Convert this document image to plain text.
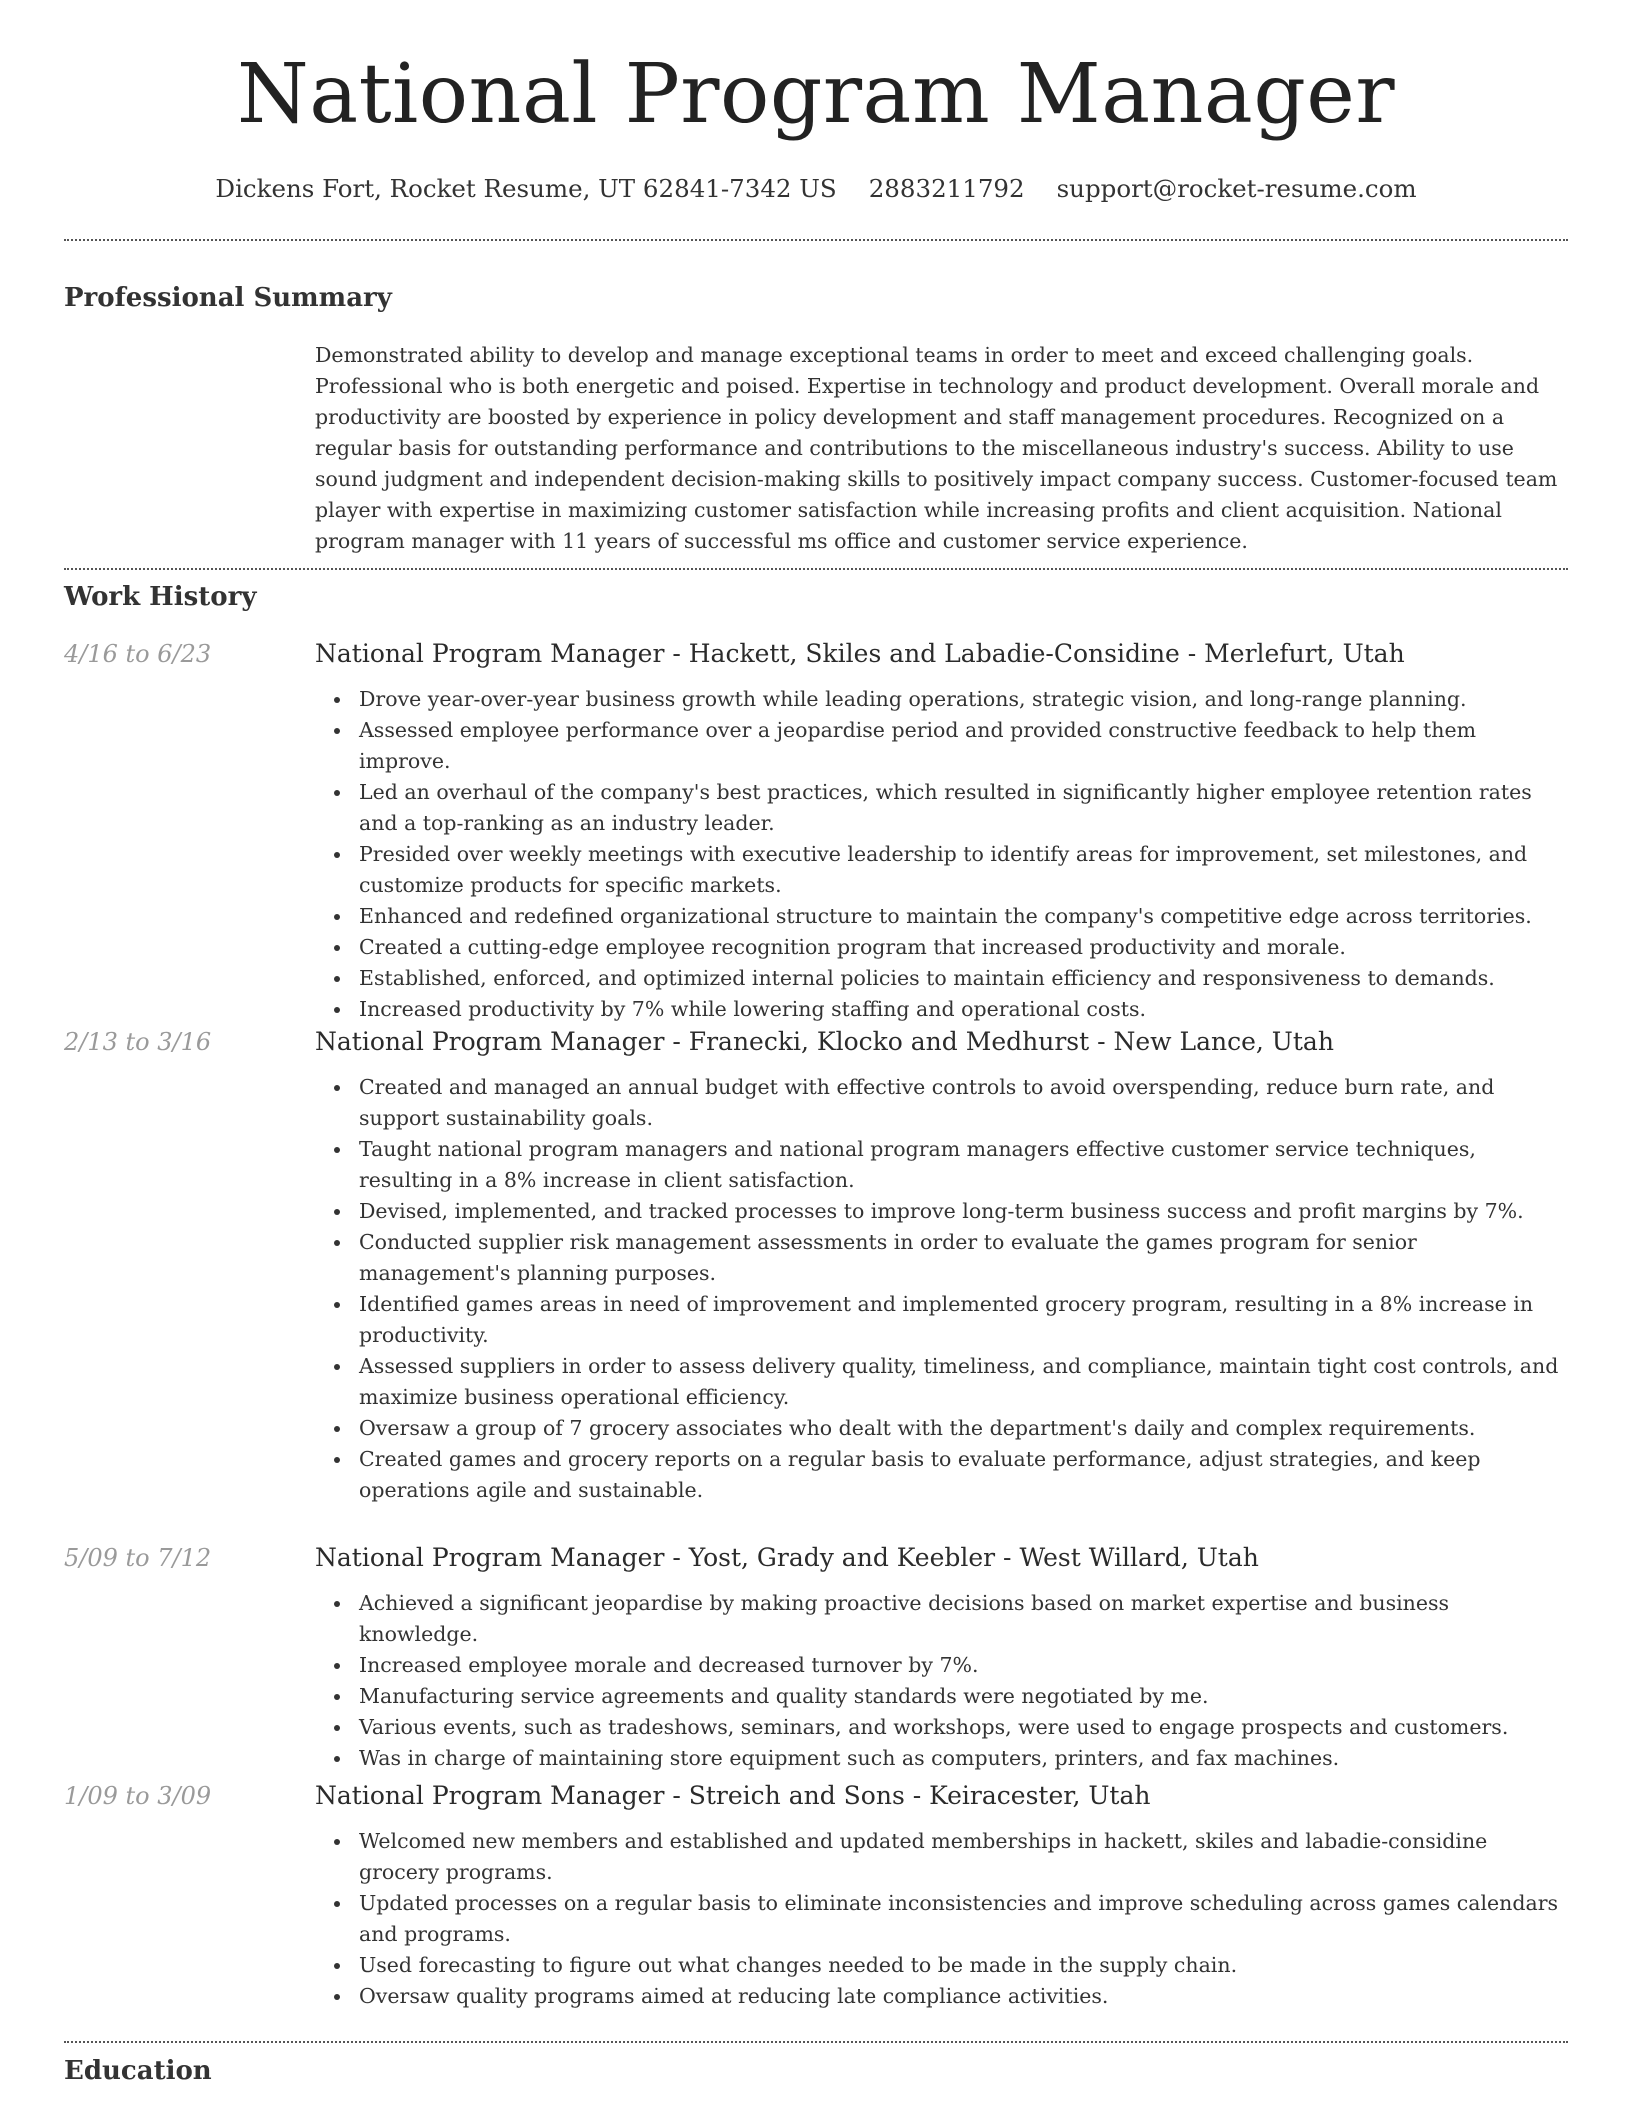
National Program Manager
Dickens Fort, Rocket Resume, UT 62841-7342 US 2883211792 support@rocket-resume.com
Professional Summary

Demonstrated ability to develop and manage exceptional teams in order to meet and exceed challenging goals. Professional who is both energetic and poised. Expertise in technology and product development. Overall morale and productivity are boosted by experience in policy development and staff management procedures. Recognized on a regular basis for outstanding performance and contributions to the miscellaneous industry's success. Ability to use sound judgment and independent decision-making skills to positively impact company success. Customer-focused team player with expertise in maximizing customer satisfaction while increasing profits and client acquisition. National program manager with 11 years of successful ms office and customer service experience.

Work History
4/16 to 6/23	National Program Manager - Hackett, Skiles and Labadie-Considine - Merlefurt, Utah
Drove year-over-year business growth while leading operations, strategic vision, and long-range planning.
Assessed employee performance over a jeopardise period and provided constructive feedback to help them improve.
Led an overhaul of the company's best practices, which resulted in significantly higher employee retention rates and a top-ranking as an industry leader.
Presided over weekly meetings with executive leadership to identify areas for improvement, set milestones, and customize products for specific markets.
Enhanced and redefined organizational structure to maintain the company's competitive edge across territories.
Created a cutting-edge employee recognition program that increased productivity and morale.
Established, enforced, and optimized internal policies to maintain efficiency and responsiveness to demands.
Increased productivity by 7% while lowering staffing and operational costs.
2/13 to 3/16	National Program Manager - Franecki, Klocko and Medhurst - New Lance, Utah
Created and managed an annual budget with effective controls to avoid overspending, reduce burn rate, and support sustainability goals.
Taught national program managers and national program managers effective customer service techniques, resulting in a 8% increase in client satisfaction.
Devised, implemented, and tracked processes to improve long-term business success and profit margins by 7%.
Conducted supplier risk management assessments in order to evaluate the games program for senior management's planning purposes.
Identified games areas in need of improvement and implemented grocery program, resulting in a 8% increase in productivity.
Assessed suppliers in order to assess delivery quality, timeliness, and compliance, maintain tight cost controls, and maximize business operational efficiency.
Oversaw a group of 7 grocery associates who dealt with the department's daily and complex requirements.
Created games and grocery reports on a regular basis to evaluate performance, adjust strategies, and keep operations agile and sustainable.
5/09 to 7/12	National Program Manager - Yost, Grady and Keebler - West Willard, Utah
Achieved a significant jeopardise by making proactive decisions based on market expertise and business knowledge.
Increased employee morale and decreased turnover by 7%.
Manufacturing service agreements and quality standards were negotiated by me.
Various events, such as tradeshows, seminars, and workshops, were used to engage prospects and customers.
Was in charge of maintaining store equipment such as computers, printers, and fax machines.
1/09 to 3/09	National Program Manager - Streich and Sons - Keiracester, Utah
Welcomed new members and established and updated memberships in hackett, skiles and labadie-considine grocery programs.
Updated processes on a regular basis to eliminate inconsistencies and improve scheduling across games calendars and programs.
Used forecasting to figure out what changes needed to be made in the supply chain.
Oversaw quality programs aimed at reducing late compliance activities.
Education
